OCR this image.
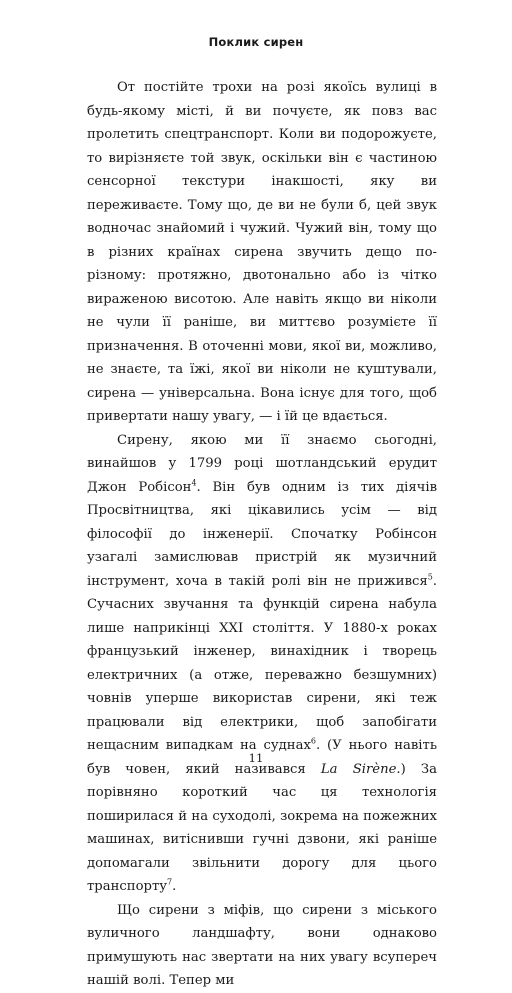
Поклик сирен

От постійте трохи на розі якоїсь вулиці в будь-якому місті, й ви почуєте, як повз вас пролетить спецтранспорт. Коли ви подорожуєте, то вирізняєте той звук, оскільки він є частиною сенсорної текстури інакшості, яку ви переживаєте. Тому що, де ви не були б, цей звук водночас знайомий і чужий. Чужий він, тому що в різних країнах сирена звучить дещо по-різному: протяжно, двотонально або із чітко вираженою висотою. Але навіть якщо ви ніколи не чули її раніше, ви миттєво розумієте її призначення. В оточенні мови, якої ви, можливо, не знаєте, та їжі, якої ви ніколи не куштували, сирена — універсальна. Вона існує для того, щоб привертати нашу увагу, — і їй це вдається.

Сирену, якою ми її знаємо сьогодні, винайшов у 1799 році шотландський ерудит Джон Робісон$^4$. Він був одним із тих діячів Просвітництва, які цікавились усім — від філософії до інженерії. Спочатку Робінсон узагалі замислював пристрій як музичний інструмент, хоча в такій ролі він не прижився$^5$. Сучасних звучання та функцій сирена набула лише наприкінці XXI століття. У 1880-х роках французький інженер, винахідник і творець електричних (а отже, переважно безшумних) човнів уперше використав сирени, які теж працювали від електрики, щоб запобігати нещасним випадкам на суднах$^6$. (У нього навіть був човен, який називався La Sirène.) За порівняно короткий час ця технологія поширилася й на суходолі, зокрема на пожежних машинах, витіснивши гучні дзвони, які раніше допомагали звільнити дорогу для цього транспорту$^7$.

Що сирени з міфів, що сирени з міського вуличного ландшафту, вони однаково примушують нас звертати на них увагу всупереч нашій волі. Тепер ми

11
